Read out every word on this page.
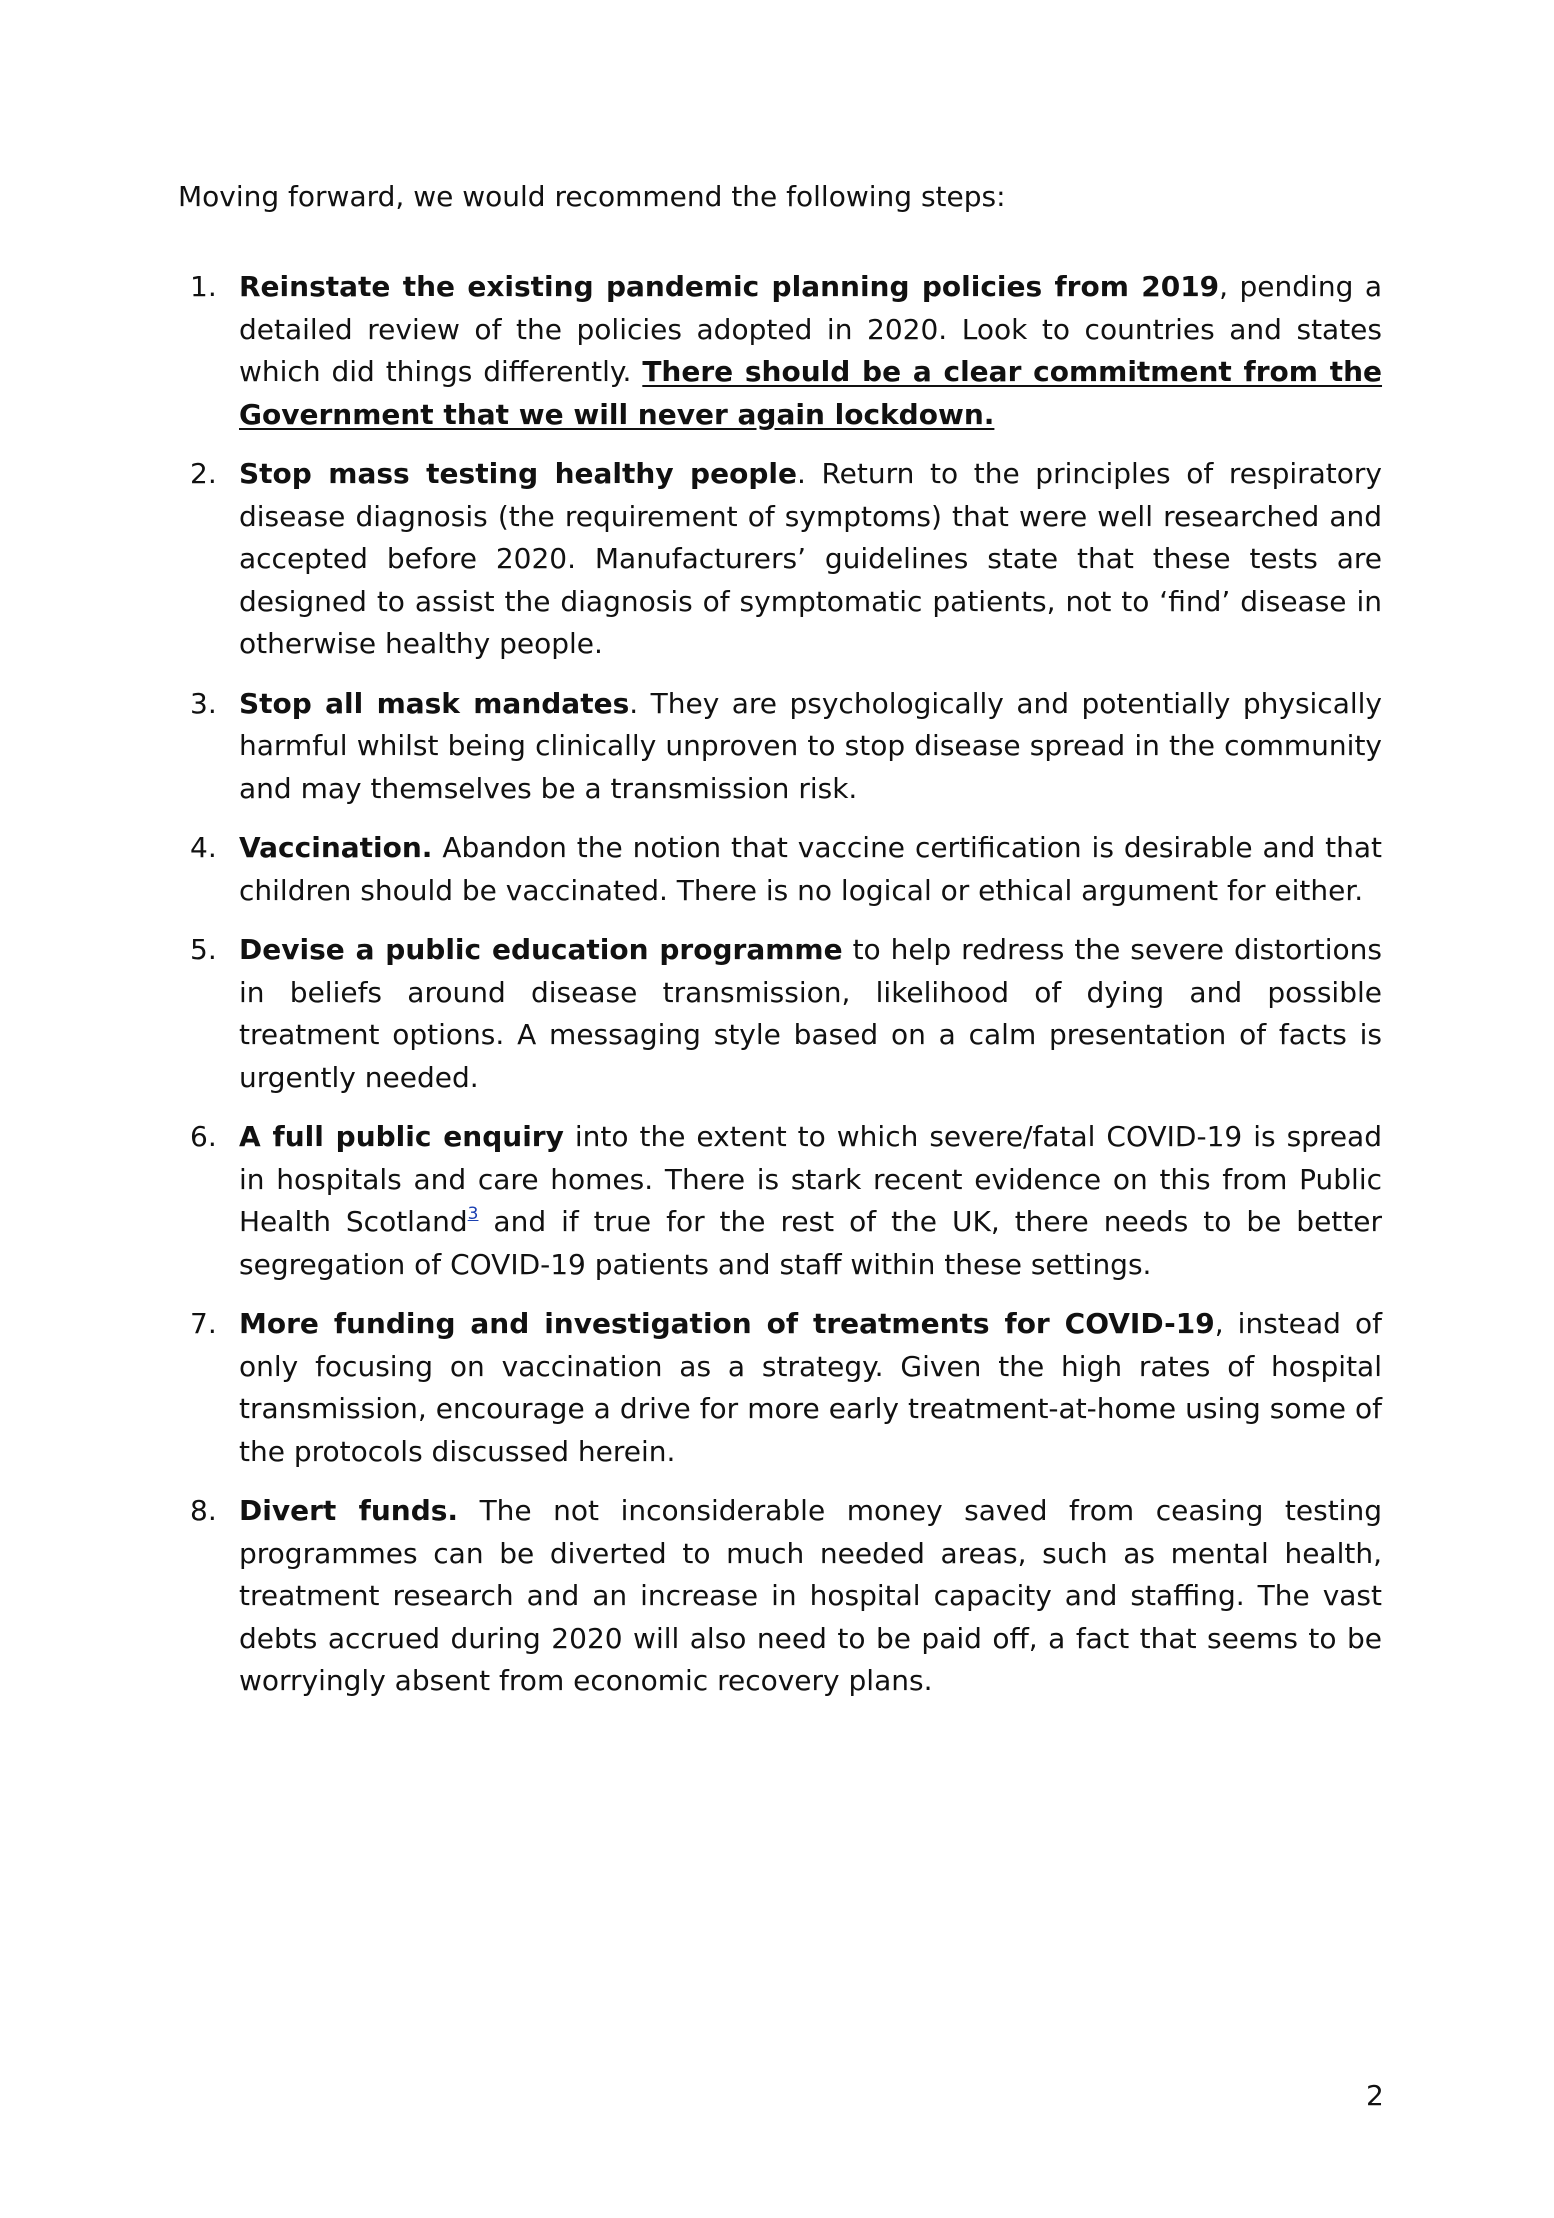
Moving forward, we would recommend the following steps:

1. Reinstate the existing pandemic planning policies from 2019, pending a detailed review of the policies adopted in 2020. Look to countries and states which did things differently. There should be a clear commitment from the Government that we will never again lockdown.
2. Stop mass testing healthy people. Return to the principles of respiratory disease diagnosis (the requirement of symptoms) that were well researched and accepted before 2020. Manufacturers’ guidelines state that these tests are designed to assist the diagnosis of symptomatic patients, not to ‘find’ disease in otherwise healthy people.
3. Stop all mask mandates. They are psychologically and potentially physically harmful whilst being clinically unproven to stop disease spread in the community and may themselves be a transmission risk.
4. Vaccination. Abandon the notion that vaccine certification is desirable and that children should be vaccinated. There is no logical or ethical argument for either.
5. Devise a public education programme to help redress the severe distortions in beliefs around disease transmission, likelihood of dying and possible treatment options. A messaging style based on a calm presentation of facts is urgently needed.
6. A full public enquiry into the extent to which severe/fatal COVID-19 is spread in hospitals and care homes. There is stark recent evidence on this from Public Health Scotland$^3$ and if true for the rest of the UK, there needs to be better segregation of COVID-19 patients and staff within these settings.
7. More funding and investigation of treatments for COVID-19, instead of only focusing on vaccination as a strategy. Given the high rates of hospital transmission, encourage a drive for more early treatment-at-home using some of the protocols discussed herein.
8. Divert funds. The not inconsiderable money saved from ceasing testing programmes can be diverted to much needed areas, such as mental health, treatment research and an increase in hospital capacity and staffing. The vast debts accrued during 2020 will also need to be paid off, a fact that seems to be worryingly absent from economic recovery plans.
2
